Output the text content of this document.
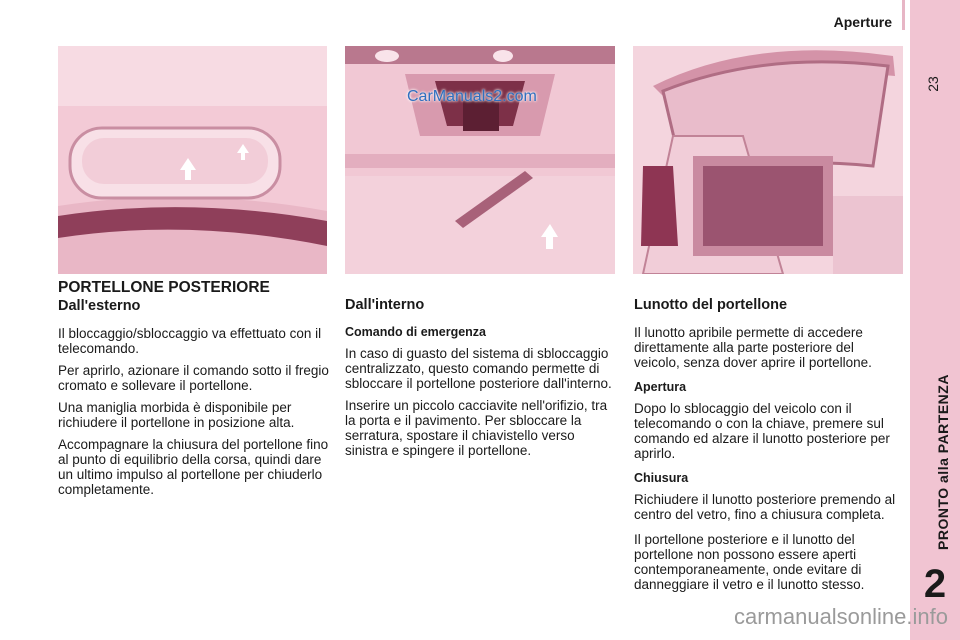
Aperture
23
PRONTO alla PARTENZA
2
CarManuals2.com
PORTELLONE POSTERIORE
Dall'esterno

Il bloccaggio/sbloccaggio va effettuato con il telecomando.

Per aprirlo, azionare il comando sotto il fregio cromato e sollevare il portellone.

Una maniglia morbida è disponibile per richiudere il portellone in posizione alta.

Accompagnare la chiusura del portellone fino al punto di equilibrio della corsa, quindi dare un ultimo impulso al portellone per chiuderlo completamente.

Dall'interno
Comando di emergenza

In caso di guasto del sistema di sbloccaggio centralizzato, questo comando permette di sbloccare il portellone posteriore dall'interno.

Inserire un piccolo cacciavite nell'orifizio, tra la porta e il pavimento. Per sbloccare la serratura, spostare il chiavistello verso sinistra e spingere il portellone.

Lunotto del portellone

Il lunotto apribile permette di accedere direttamente alla parte posteriore del veicolo, senza dover aprire il portellone.

Apertura

Dopo lo sblocaggio del veicolo con il telecomando o con la chiave, premere sul comando ed alzare il lunotto posteriore per aprirlo.

Chiusura

Richiudere il lunotto posteriore premendo al centro del vetro, fino a chiusura completa.

Il portellone posteriore e il lunotto del portellone non possono essere aperti contemporaneamente, onde evitare di danneggiare il vetro e il lunotto stesso.

carmanualsonline.info
